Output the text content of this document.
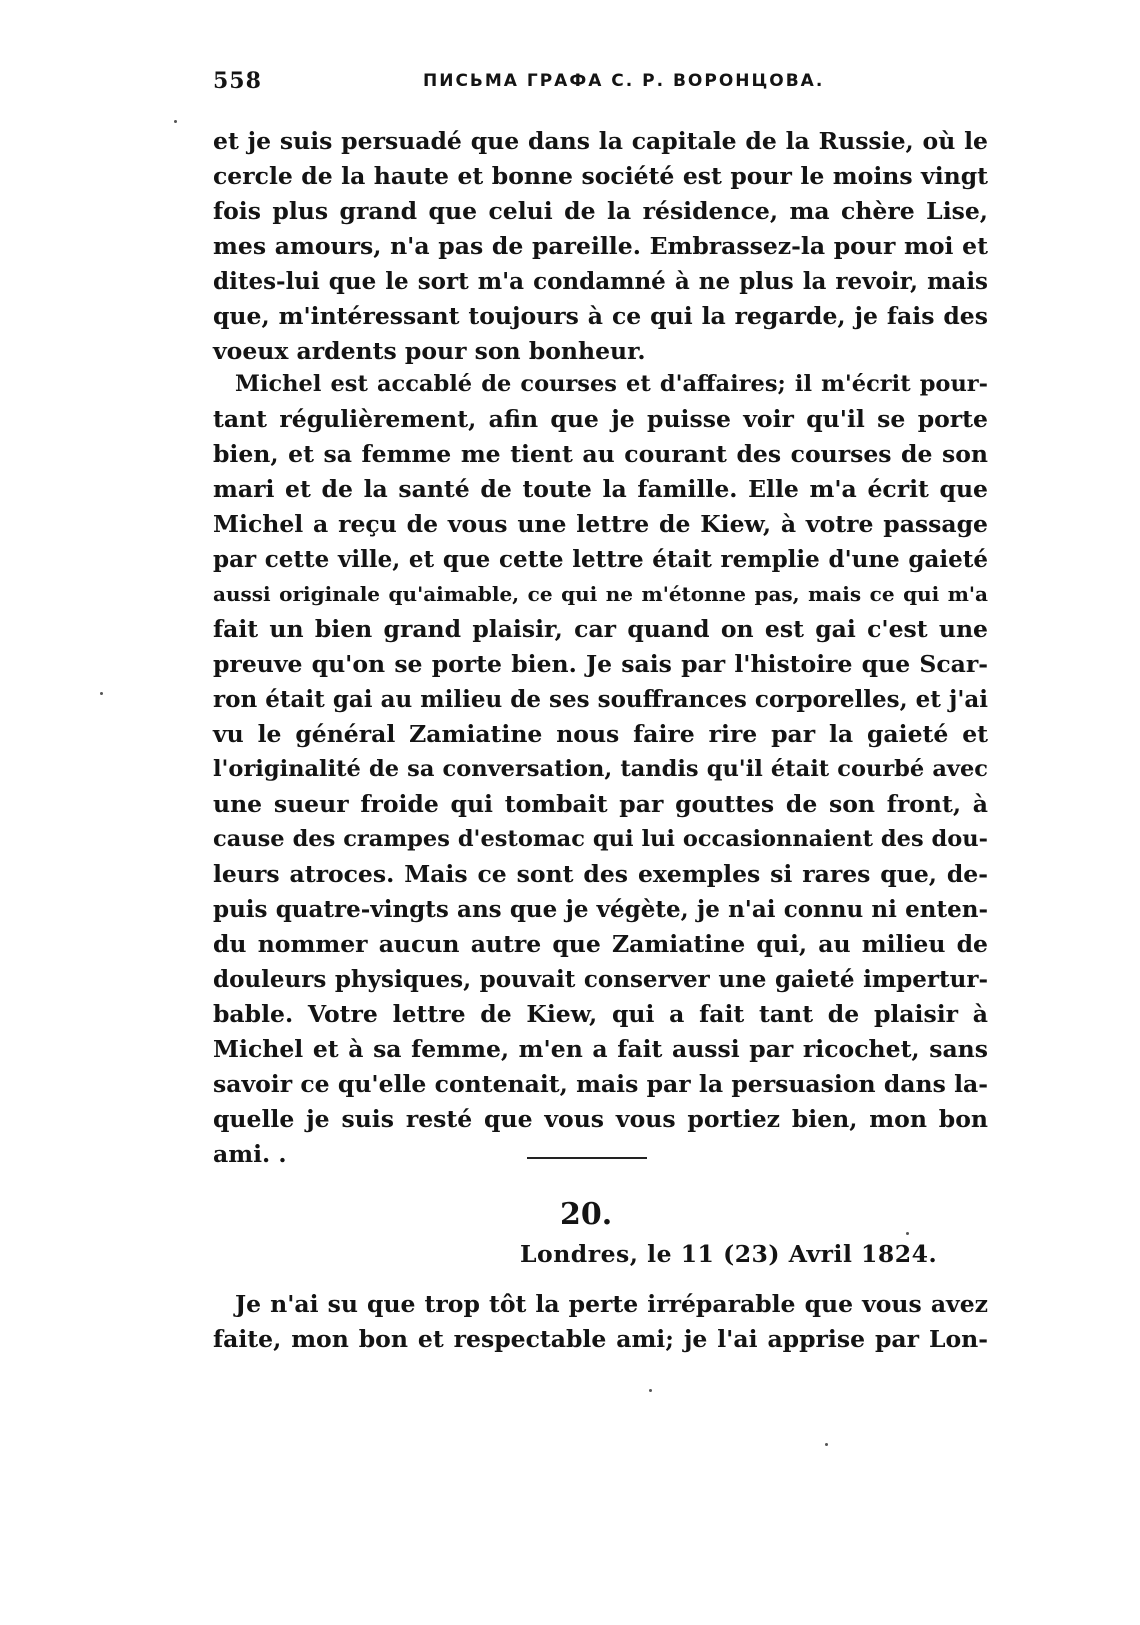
558	ПИСЬМА ГРАФА С. Р. ВОРОНЦОВА.
et je suis persuadé que dans la capitale de la Russie, où le
cercle de la haute et bonne société est pour le moins vingt
fois plus grand que celui de la résidence, ma chère Lise,
mes amours, n'a pas de pareille. Embrassez-la pour moi et
dites-lui que le sort m'a condamné à ne plus la revoir, mais
que, m'intéressant toujours à ce qui la regarde, je fais des
voeux ardents pour son bonheur.
Michel est accablé de courses et d'affaires; il m'écrit pour-
tant régulièrement, afin que je puisse voir qu'il se porte
bien, et sa femme me tient au courant des courses de son
mari et de la santé de toute la famille. Elle m'a écrit que
Michel a reçu de vous une lettre de Kiew, à votre passage
par cette ville, et que cette lettre était remplie d'une gaieté
aussi originale qu'aimable, ce qui ne m'étonne pas, mais ce qui m'a
fait un bien grand plaisir, car quand on est gai c'est une
preuve qu'on se porte bien. Je sais par l'histoire que Scar-
ron était gai au milieu de ses souffrances corporelles, et j'ai
vu le général Zamiatine nous faire rire par la gaieté et
l'originalité de sa conversation, tandis qu'il était courbé avec
une sueur froide qui tombait par gouttes de son front, à
cause des crampes d'estomac qui lui occasionnaient des dou-
leurs atroces. Mais ce sont des exemples si rares que, de-
puis quatre-vingts ans que je végète, je n'ai connu ni enten-
du nommer aucun autre que Zamiatine qui, au milieu de
douleurs physiques, pouvait conserver une gaieté impertur-
bable. Votre lettre de Kiew, qui a fait tant de plaisir à
Michel et à sa femme, m'en a fait aussi par ricochet, sans
savoir ce qu'elle contenait, mais par la persuasion dans la-
quelle je suis resté que vous vous portiez bien, mon bon
ami. .
20.
Londres, le 11 (23) Avril 1824.
Je n'ai su que trop tôt la perte irréparable que vous avez
faite, mon bon et respectable ami; je l'ai apprise par Lon-
